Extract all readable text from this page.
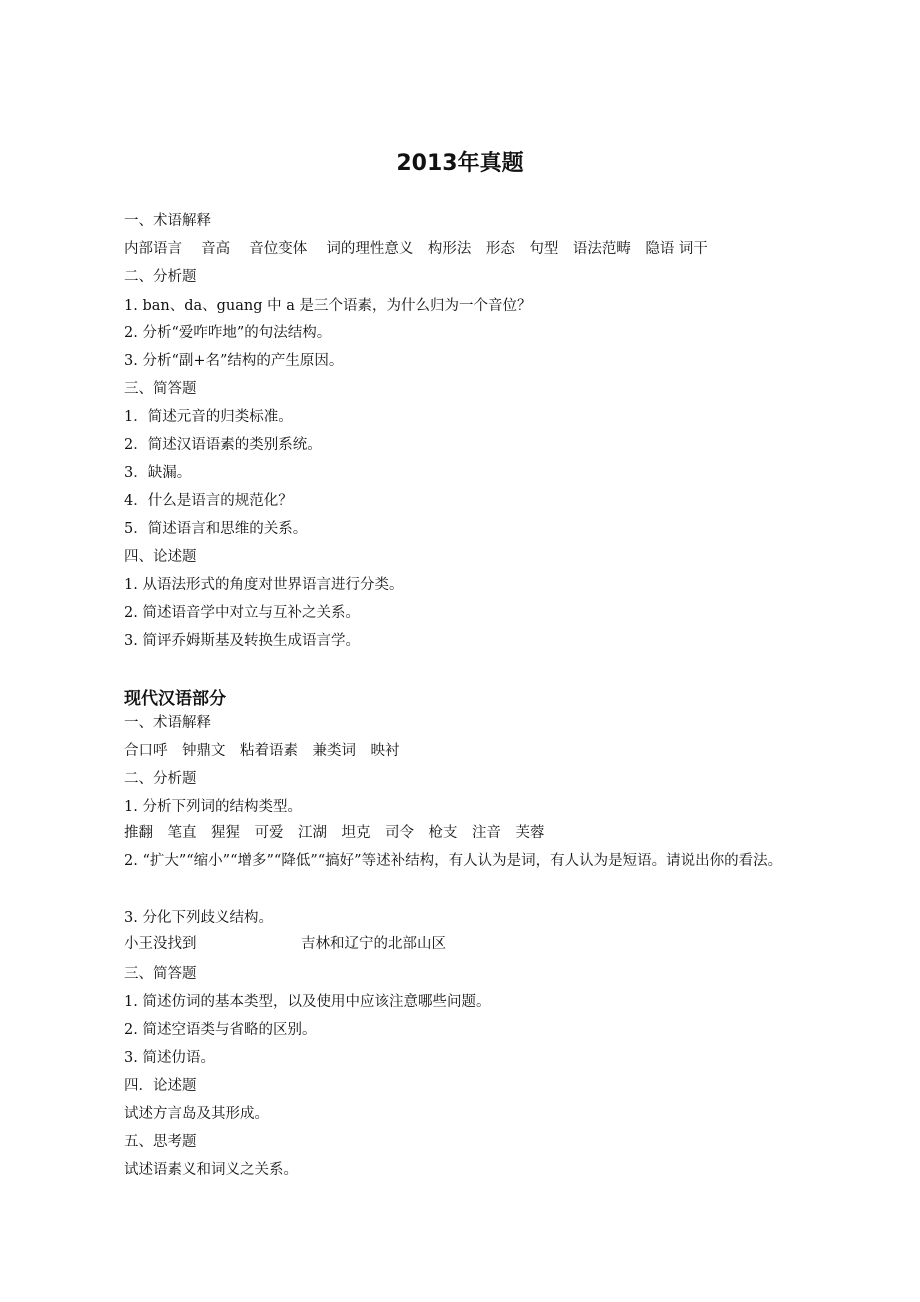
2013年真题
一、术语解释
内部语言　 音高　 音位变体　 词的理性意义　构形法　形态　句型　语法范畴　隐语 词干
二、分析题
1. ban、da、guang 中 a 是三个语素，为什么归为一个音位？
2. 分析“爱咋咋地”的句法结构。
3. 分析“副+名”结构的产生原因。
三、简答题
1．简述元音的归类标准。
2．简述汉语语素的类别系统。
3．缺漏。
4．什么是语言的规范化？
5．简述语言和思维的关系。
四、论述题
1. 从语法形式的角度对世界语言进行分类。
2. 简述语音学中对立与互补之关系。
3. 简评乔姆斯基及转换生成语言学。
现代汉语部分
一、术语解释
合口呼　钟鼎文　粘着语素　兼类词　映衬
二、分析题
1. 分析下列词的结构类型。
推翻　笔直　猩猩　可爱　江湖　坦克　司令　枪支　注音　芙蓉
2. “扩大”“缩小”“增多”“降低”“搞好”等述补结构，有人认为是词，有人认为是短语。请说出你的看法。
3. 分化下列歧义结构。
小王没找到	吉林和辽宁的北部山区
三、简答题
1. 简述仿词的基本类型，以及使用中应该注意哪些问题。
2. 简述空语类与省略的区别。
3. 简述仂语。
四．论述题
试述方言岛及其形成。
五、思考题
试述语素义和词义之关系。
